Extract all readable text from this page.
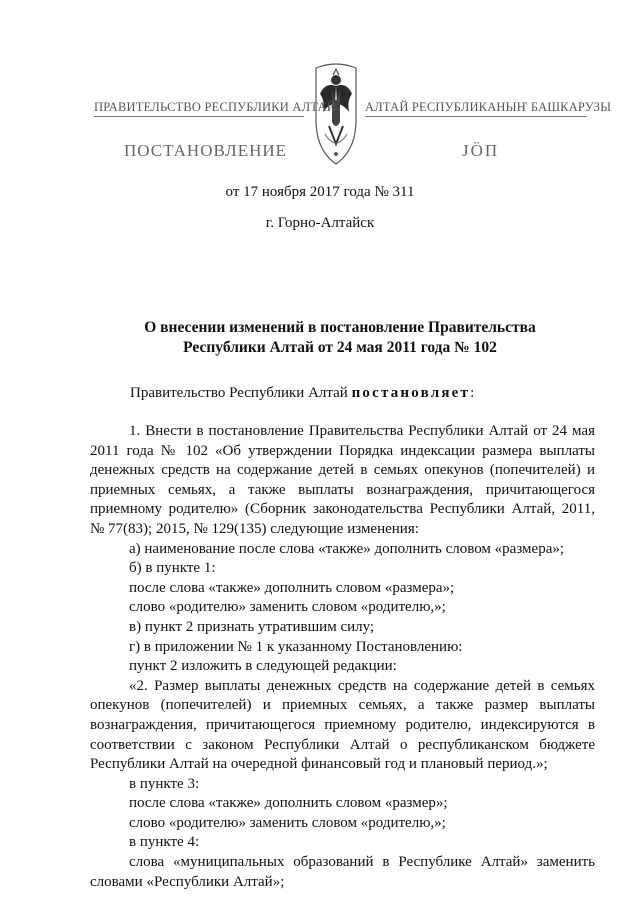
ПРАВИТЕЛЬСТВО РЕСПУБЛИКИ АЛТАЙ АЛТАЙ РЕСПУБЛИКАНЫҤ БАШКАРУЗЫ
ПОСТАНОВЛЕНИЕ	JÖП
от 17 ноября 2017 года № 311
г. Горно-Алтайск
О внесении изменений в постановление Правительства
Республики Алтай от 24 мая 2011 года № 102
Правительство Республики Алтай постановляет:

1. Внести в постановление Правительства Республики Алтай от 24 мая 2011 года № 102 «Об утверждении Порядка индексации размера выплаты денежных средств на содержание детей в семьях опекунов (попечителей) и приемных семьях, а также выплаты вознаграждения, причитающегося приемному родителю» (Сборник законодательства Республики Алтай, 2011, № 77(83); 2015, № 129(135) следующие изменения:

а) наименование после слова «также» дополнить словом «размера»;

б) в пункте 1:

после слова «также» дополнить словом «размера»;

слово «родителю» заменить словом «родителю,»;

в) пункт 2 признать утратившим силу;

г) в приложении № 1 к указанному Постановлению:

пункт 2 изложить в следующей редакции:

«2. Размер выплаты денежных средств на содержание детей в семьях опекунов (попечителей) и приемных семьях, а также размер выплаты вознаграждения, причитающегося приемному родителю, индексируются в соответствии с законом Республики Алтай о республиканском бюджете Республики Алтай на очередной финансовый год и плановый период.»;

в пункте 3:

после слова «также» дополнить словом «размер»;

слово «родителю» заменить словом «родителю,»;

в пункте 4:

слова «муниципальных образований в Республике Алтай» заменить словами «Республики Алтай»;
